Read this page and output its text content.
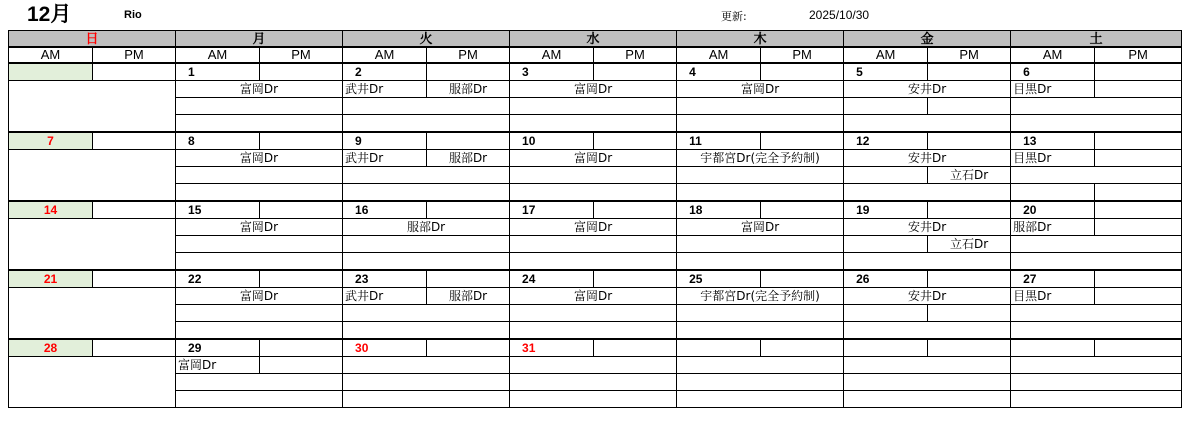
12月	Rio	更新:	2025/10/30
日		月		火		水		木		金		土	
AM	PM	AM	PM	AM	PM	AM	PM	AM	PM	AM	PM	AM	PM
		1		2		3		4		5		6	
		富岡Dr		武井Dr	服部Dr	富岡Dr		富岡Dr		安井Dr		目黒Dr	

7		8		9		10		11		12		13	
		富岡Dr		武井Dr	服部Dr	富岡Dr		宇都宮Dr(完全予約制)		安井Dr		目黒Dr	
											立石Dr		

14		15		16		17		18		19		20	
		富岡Dr		服部Dr		富岡Dr		富岡Dr		安井Dr		服部Dr	
											立石Dr		

21		22		23		24		25		26		27	
		富岡Dr		武井Dr	服部Dr	富岡Dr		宇都宮Dr(完全予約制)		安井Dr		目黒Dr	

28		29		30		31							
		富岡Dr											
